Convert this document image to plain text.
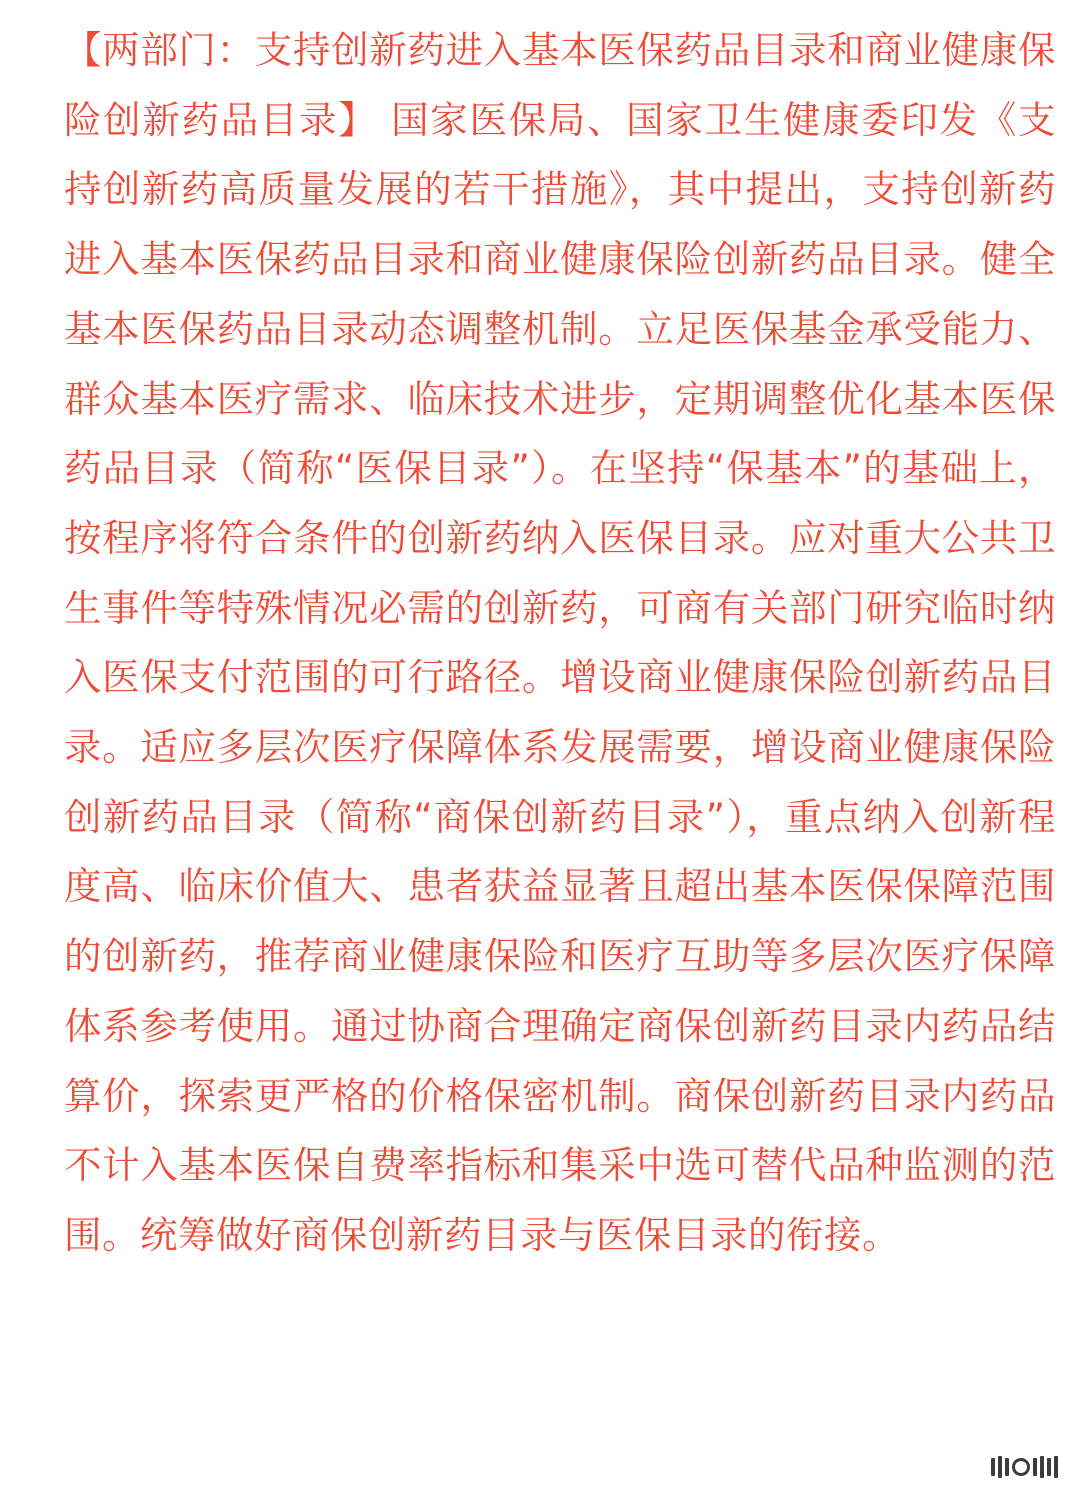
【两部门：支持创新药进入基本医保药品目录和商业健康保险创新药品目录】 国家医保局、国家卫生健康委印发《支持创新药高质量发展的若干措施》，其中提出，支持创新药进入基本医保药品目录和商业健康保险创新药品目录。健全基本医保药品目录动态调整机制。立足医保基金承受能力、群众基本医疗需求、临床技术进步，定期调整优化基本医保药品目录（简称“医保目录”）。在坚持“保基本”的基础上，按程序将符合条件的创新药纳入医保目录。应对重大公共卫生事件等特殊情况必需的创新药，可商有关部门研究临时纳入医保支付范围的可行路径。增设商业健康保险创新药品目录。适应多层次医疗保障体系发展需要，增设商业健康保险创新药品目录（简称“商保创新药目录”），重点纳入创新程度高、临床价值大、患者获益显著且超出基本医保保障范围的创新药，推荐商业健康保险和医疗互助等多层次医疗保障体系参考使用。通过协商合理确定商保创新药目录内药品结算价，探索更严格的价格保密机制。商保创新药目录内药品不计入基本医保自费率指标和集采中选可替代品种监测的范围。统筹做好商保创新药目录与医保目录的衔接。
